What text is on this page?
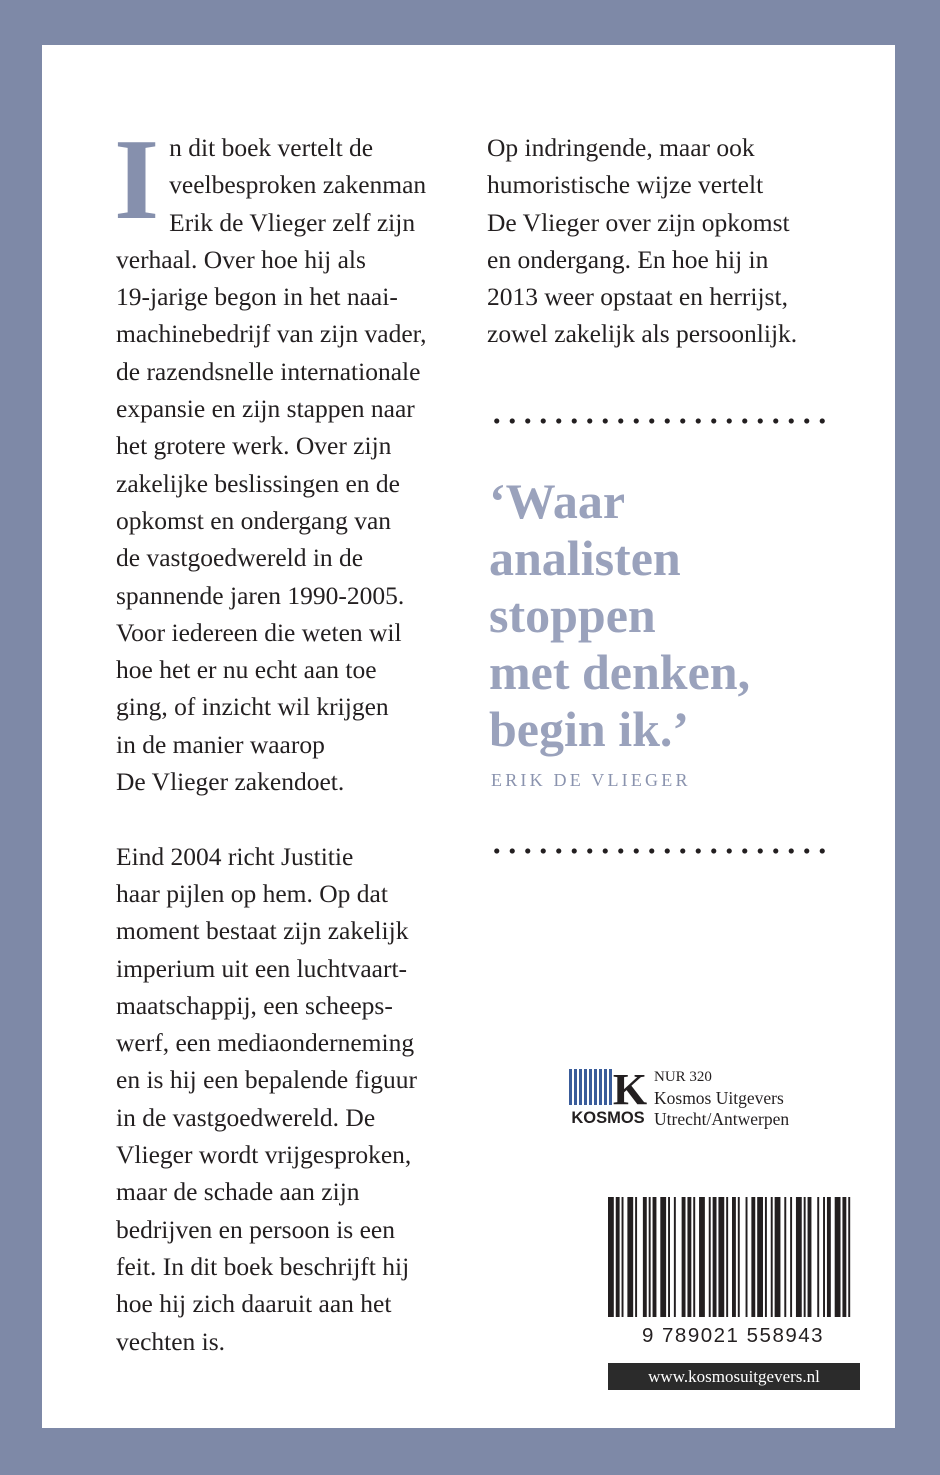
I n dit boek vertelt de
veelbesproken zakenman
Erik de Vlieger zelf zijn
verhaal. Over hoe hij als
19-jarige begon in het naai-
machinebedrijf van zijn vader,
de razendsnelle internationale
expansie en zijn stappen naar
het grotere werk. Over zijn
zakelijke beslissingen en de
opkomst en ondergang van
de vastgoedwereld in de
spannende jaren 1990-2005.
Voor iedereen die weten wil
hoe het er nu echt aan toe
ging, of inzicht wil krijgen
in de manier waarop
De Vlieger zakendoet.

Eind 2004 richt Justitie
haar pijlen op hem. Op dat
moment bestaat zijn zakelijk
imperium uit een luchtvaart-
maatschappij, een scheeps-
werf, een mediaonderneming
en is hij een bepalende figuur
in de vastgoedwereld. De
Vlieger wordt vrijgesproken,
maar de schade aan zijn
bedrijven en persoon is een
feit. In dit boek beschrijft hij
hoe hij zich daaruit aan het
vechten is.

Op indringende, maar ook
humoristische wijze vertelt
De Vlieger over zijn opkomst
en ondergang. En hoe hij in
2013 weer opstaat en herrijst,
zowel zakelijk als persoonlijk.

‘Waar
analisten
stoppen
met denken,
begin ik.’
ERIK DE VLIEGER
K
KOSMOS
NUR 320
Kosmos Uitgevers
Utrecht/Antwerpen
9 789021 558943
www.kosmosuitgevers.nl
